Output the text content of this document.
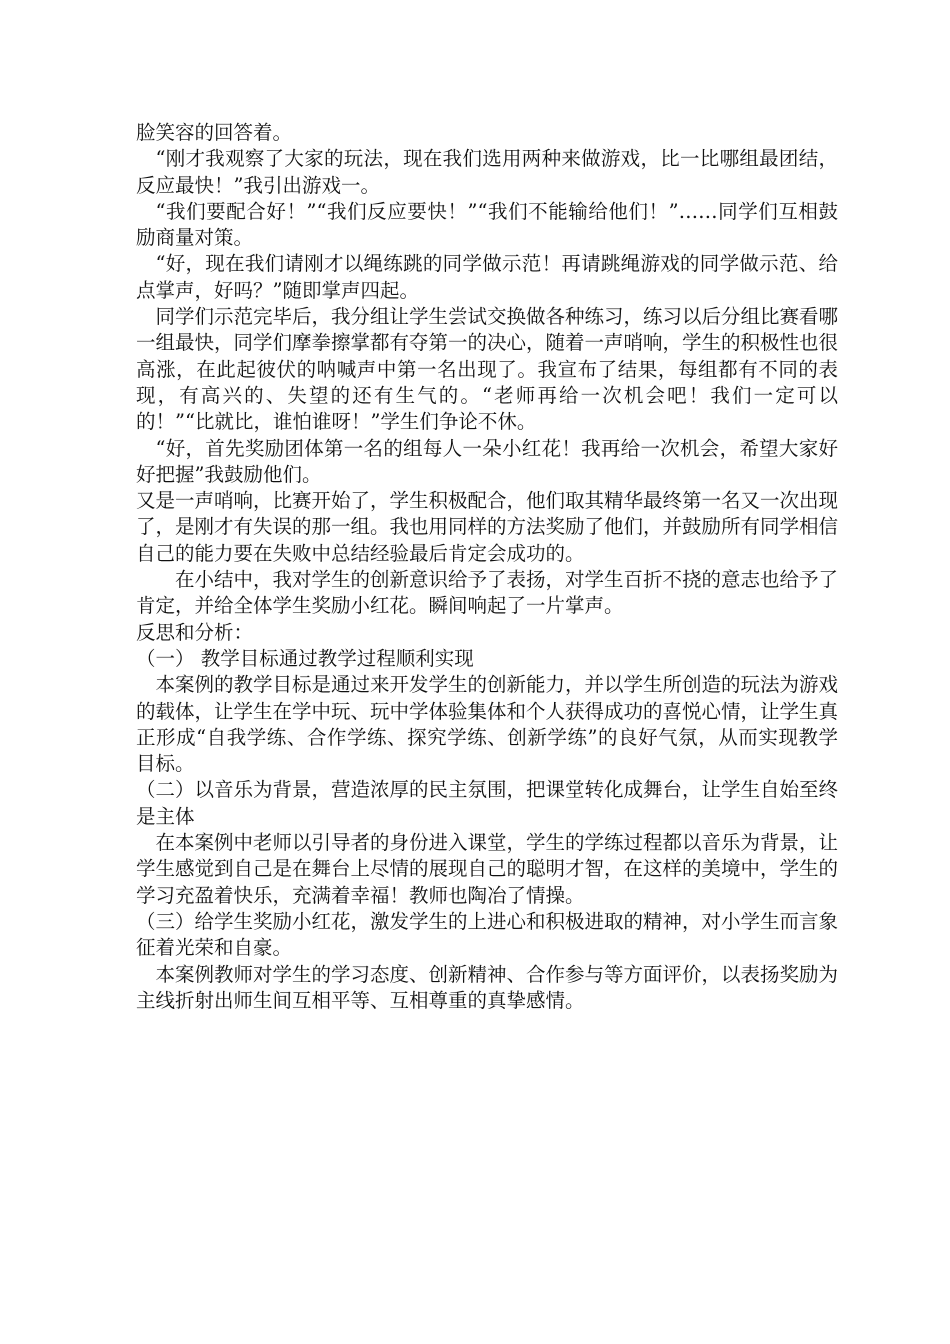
脸笑容的回答着。

“刚才我观察了大家的玩法，现在我们选用两种来做游戏，比一比哪组最团结，反应最快！”我引出游戏一。

“我们要配合好！”“我们反应要快！”“我们不能输给他们！”……同学们互相鼓励商量对策。

“好，现在我们请刚才以绳练跳的同学做示范！再请跳绳游戏的同学做示范、给点掌声，好吗？”随即掌声四起。

同学们示范完毕后，我分组让学生尝试交换做各种练习，练习以后分组比赛看哪一组最快，同学们摩拳擦掌都有夺第一的决心，随着一声哨响，学生的积极性也很高涨，在此起彼伏的呐喊声中第一名出现了。我宣布了结果，每组都有不同的表现，有高兴的、失望的还有生气的。“老师再给一次机会吧！我们一定可以的！”“比就比，谁怕谁呀！”学生们争论不休。

“好，首先奖励团体第一名的组每人一朵小红花！我再给一次机会，希望大家好好把握”我鼓励他们。

又是一声哨响，比赛开始了，学生积极配合，他们取其精华最终第一名又一次出现了，是刚才有失误的那一组。我也用同样的方法奖励了他们，并鼓励所有同学相信自己的能力要在失败中总结经验最后肯定会成功的。

在小结中，我对学生的创新意识给予了表扬，对学生百折不挠的意志也给予了肯定，并给全体学生奖励小红花。瞬间响起了一片掌声。

反思和分析：

（一） 教学目标通过教学过程顺利实现

本案例的教学目标是通过来开发学生的创新能力，并以学生所创造的玩法为游戏的载体，让学生在学中玩、玩中学体验集体和个人获得成功的喜悦心情，让学生真正形成“自我学练、合作学练、探究学练、创新学练”的良好气氛，从而实现教学目标。

（二）以音乐为背景，营造浓厚的民主氛围，把课堂转化成舞台，让学生自始至终是主体

在本案例中老师以引导者的身份进入课堂，学生的学练过程都以音乐为背景，让学生感觉到自己是在舞台上尽情的展现自己的聪明才智，在这样的美境中，学生的学习充盈着快乐，充满着幸福！教师也陶冶了情操。

（三）给学生奖励小红花，激发学生的上进心和积极进取的精神，对小学生而言象征着光荣和自豪。

本案例教师对学生的学习态度、创新精神、合作参与等方面评价，以表扬奖励为主线折射出师生间互相平等、互相尊重的真挚感情。
